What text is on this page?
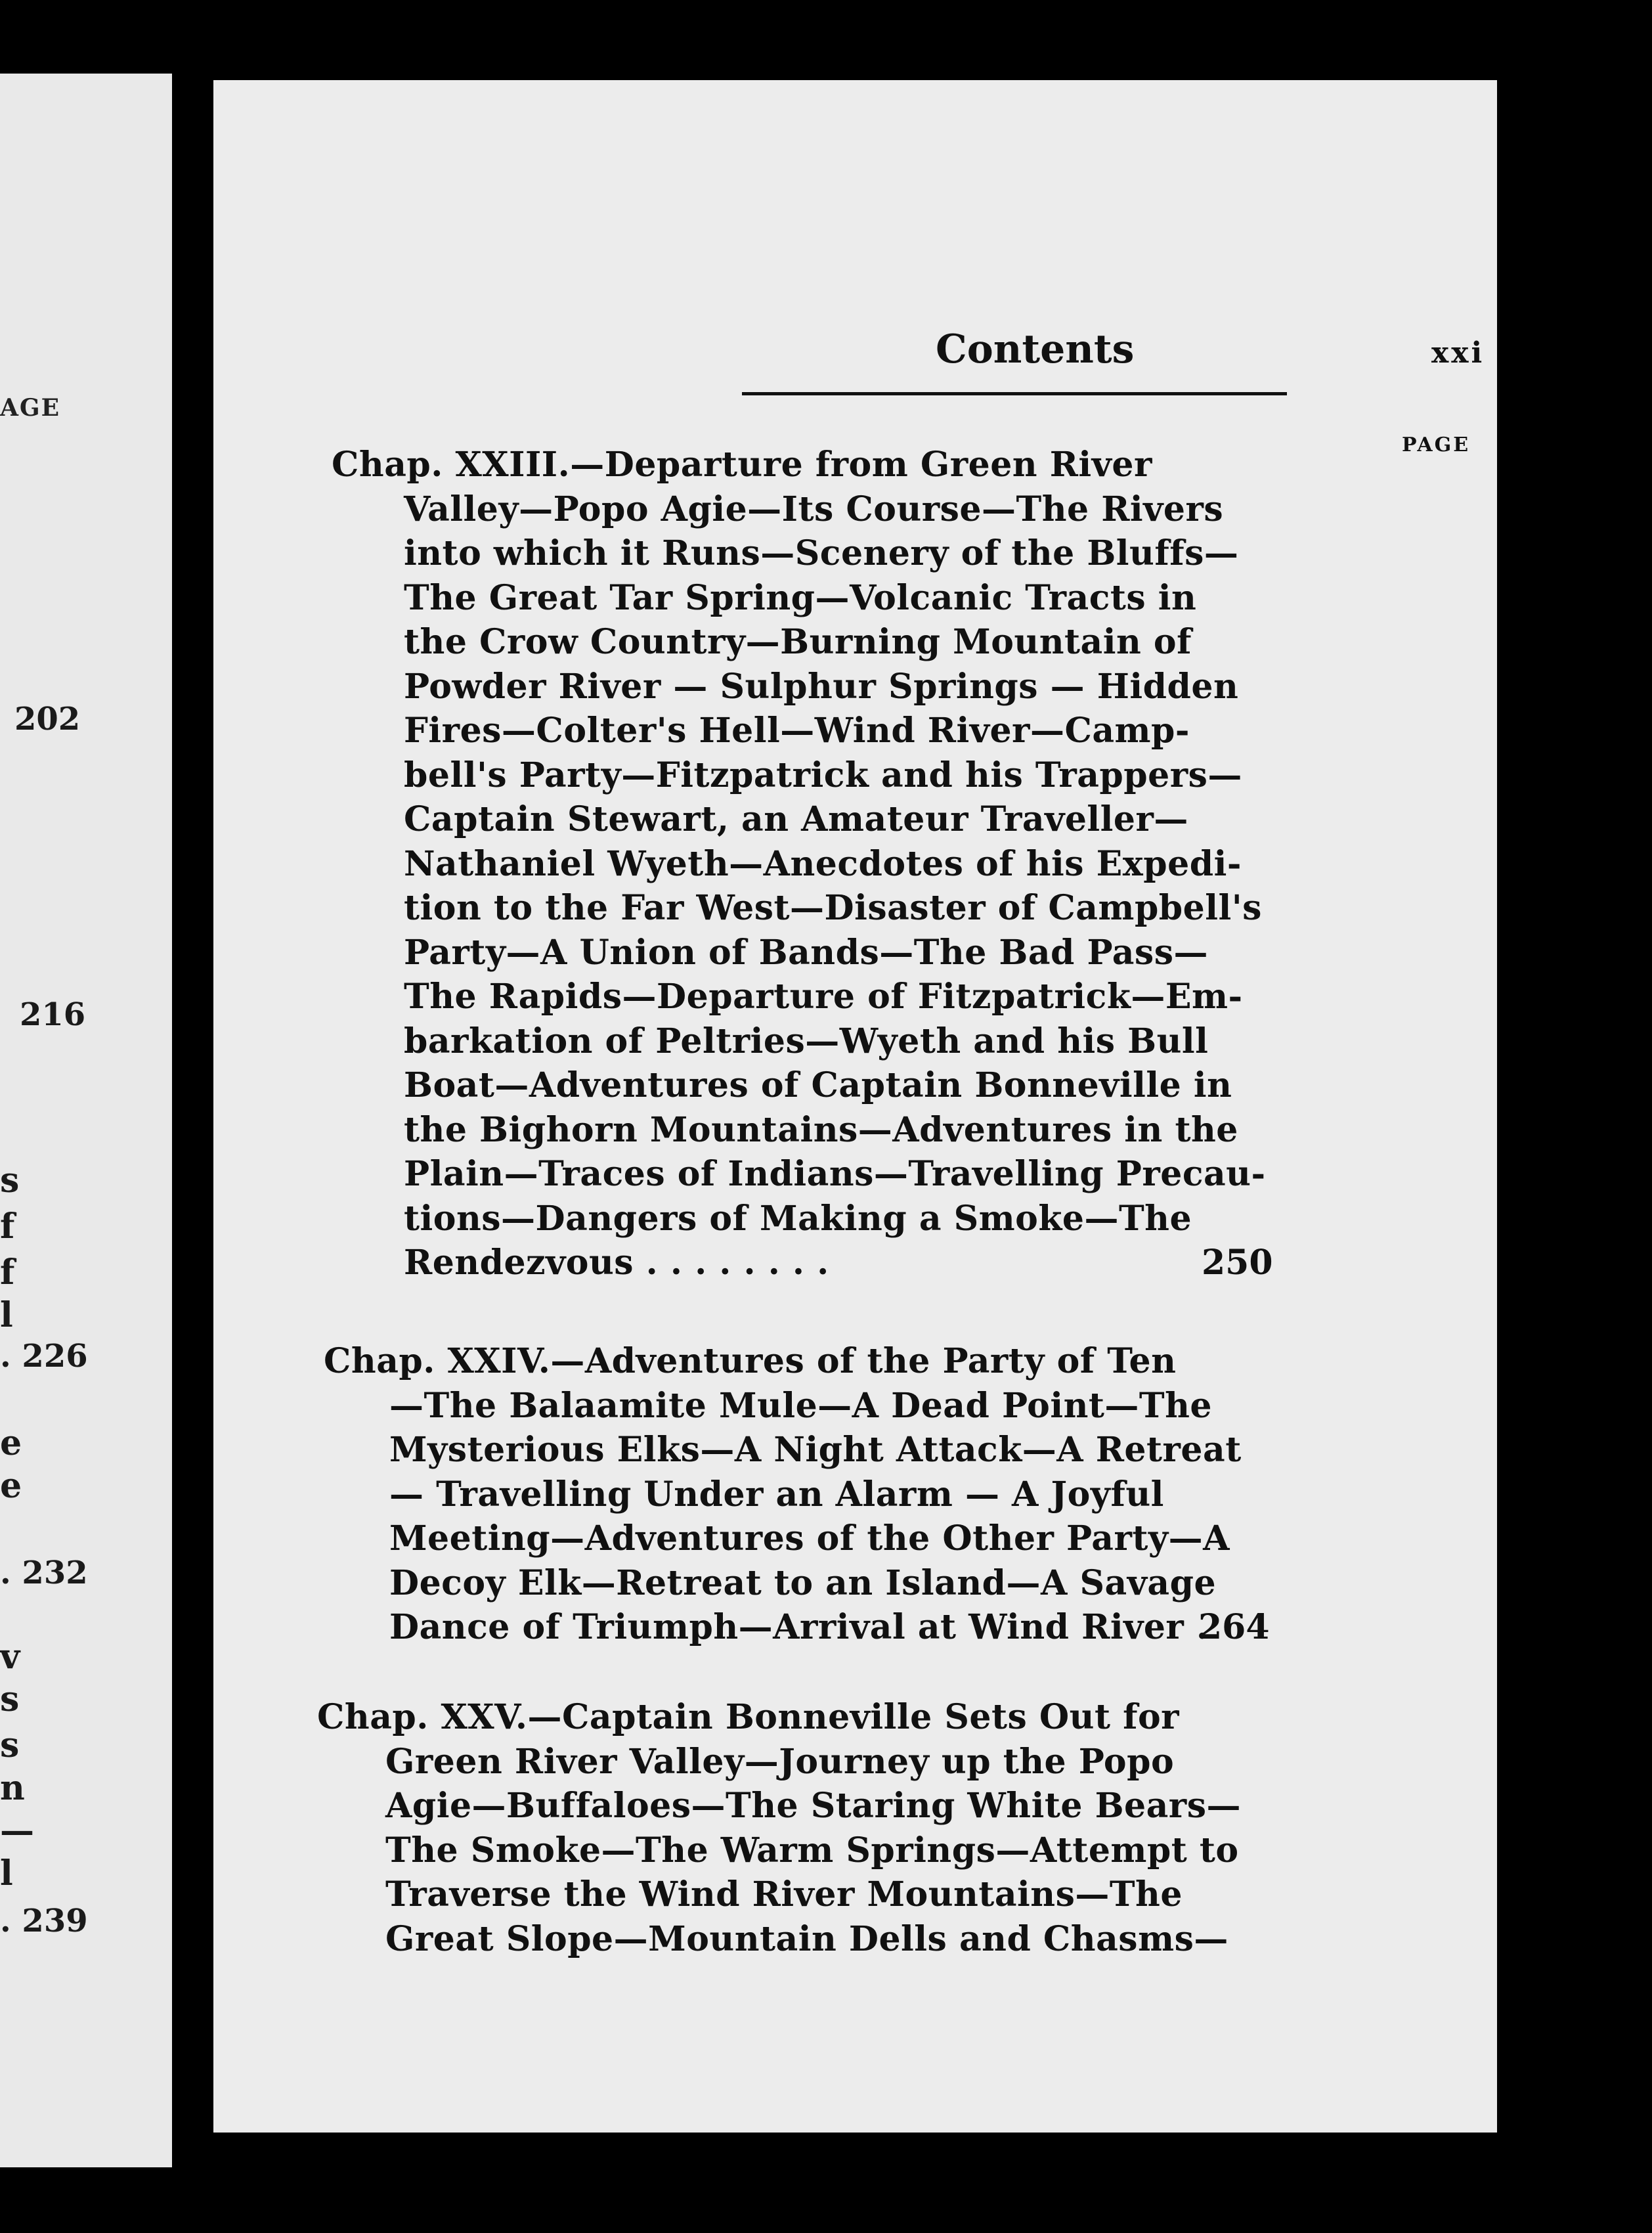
AGE
202
216
. 226
. 232
. 239
s
f
f
l
e
e
v
s
s
n
—
l
Contents	xxi
PAGE
Chap. XXIII.—Departure from Green River
Valley—Popo Agie—Its Course—The Rivers
into which it Runs—Scenery of the Bluffs—
The Great Tar Spring—Volcanic Tracts in
the Crow Country—Burning Mountain of
Powder River — Sulphur Springs — Hidden
Fires—Colter's Hell—Wind River—Camp-
bell's Party—Fitzpatrick and his Trappers—
Captain Stewart, an Amateur Traveller—
Nathaniel Wyeth—Anecdotes of his Expedi-
tion to the Far West—Disaster of Campbell's
Party—A Union of Bands—The Bad Pass—
The Rapids—Departure of Fitzpatrick—Em-
barkation of Peltries—Wyeth and his Bull
Boat—Adventures of Captain Bonneville in
the Bighorn Mountains—Adventures in the
Plain—Traces of Indians—Travelling Precau-
tions—Dangers of Making a Smoke—The
Rendezvous . . . . . . . .	250
Chap. XXIV.—Adventures of the Party of Ten
—The Balaamite Mule—A Dead Point—The
Mysterious Elks—A Night Attack—A Retreat
— Travelling Under an Alarm — A Joyful
Meeting—Adventures of the Other Party—A
Decoy Elk—Retreat to an Island—A Savage
Dance of Triumph—Arrival at Wind River .
264
Chap. XXV.—Captain Bonneville Sets Out for
Green River Valley—Journey up the Popo
Agie—Buffaloes—The Staring White Bears—
The Smoke—The Warm Springs—Attempt to
Traverse the Wind River Mountains—The
Great Slope—Mountain Dells and Chasms—
